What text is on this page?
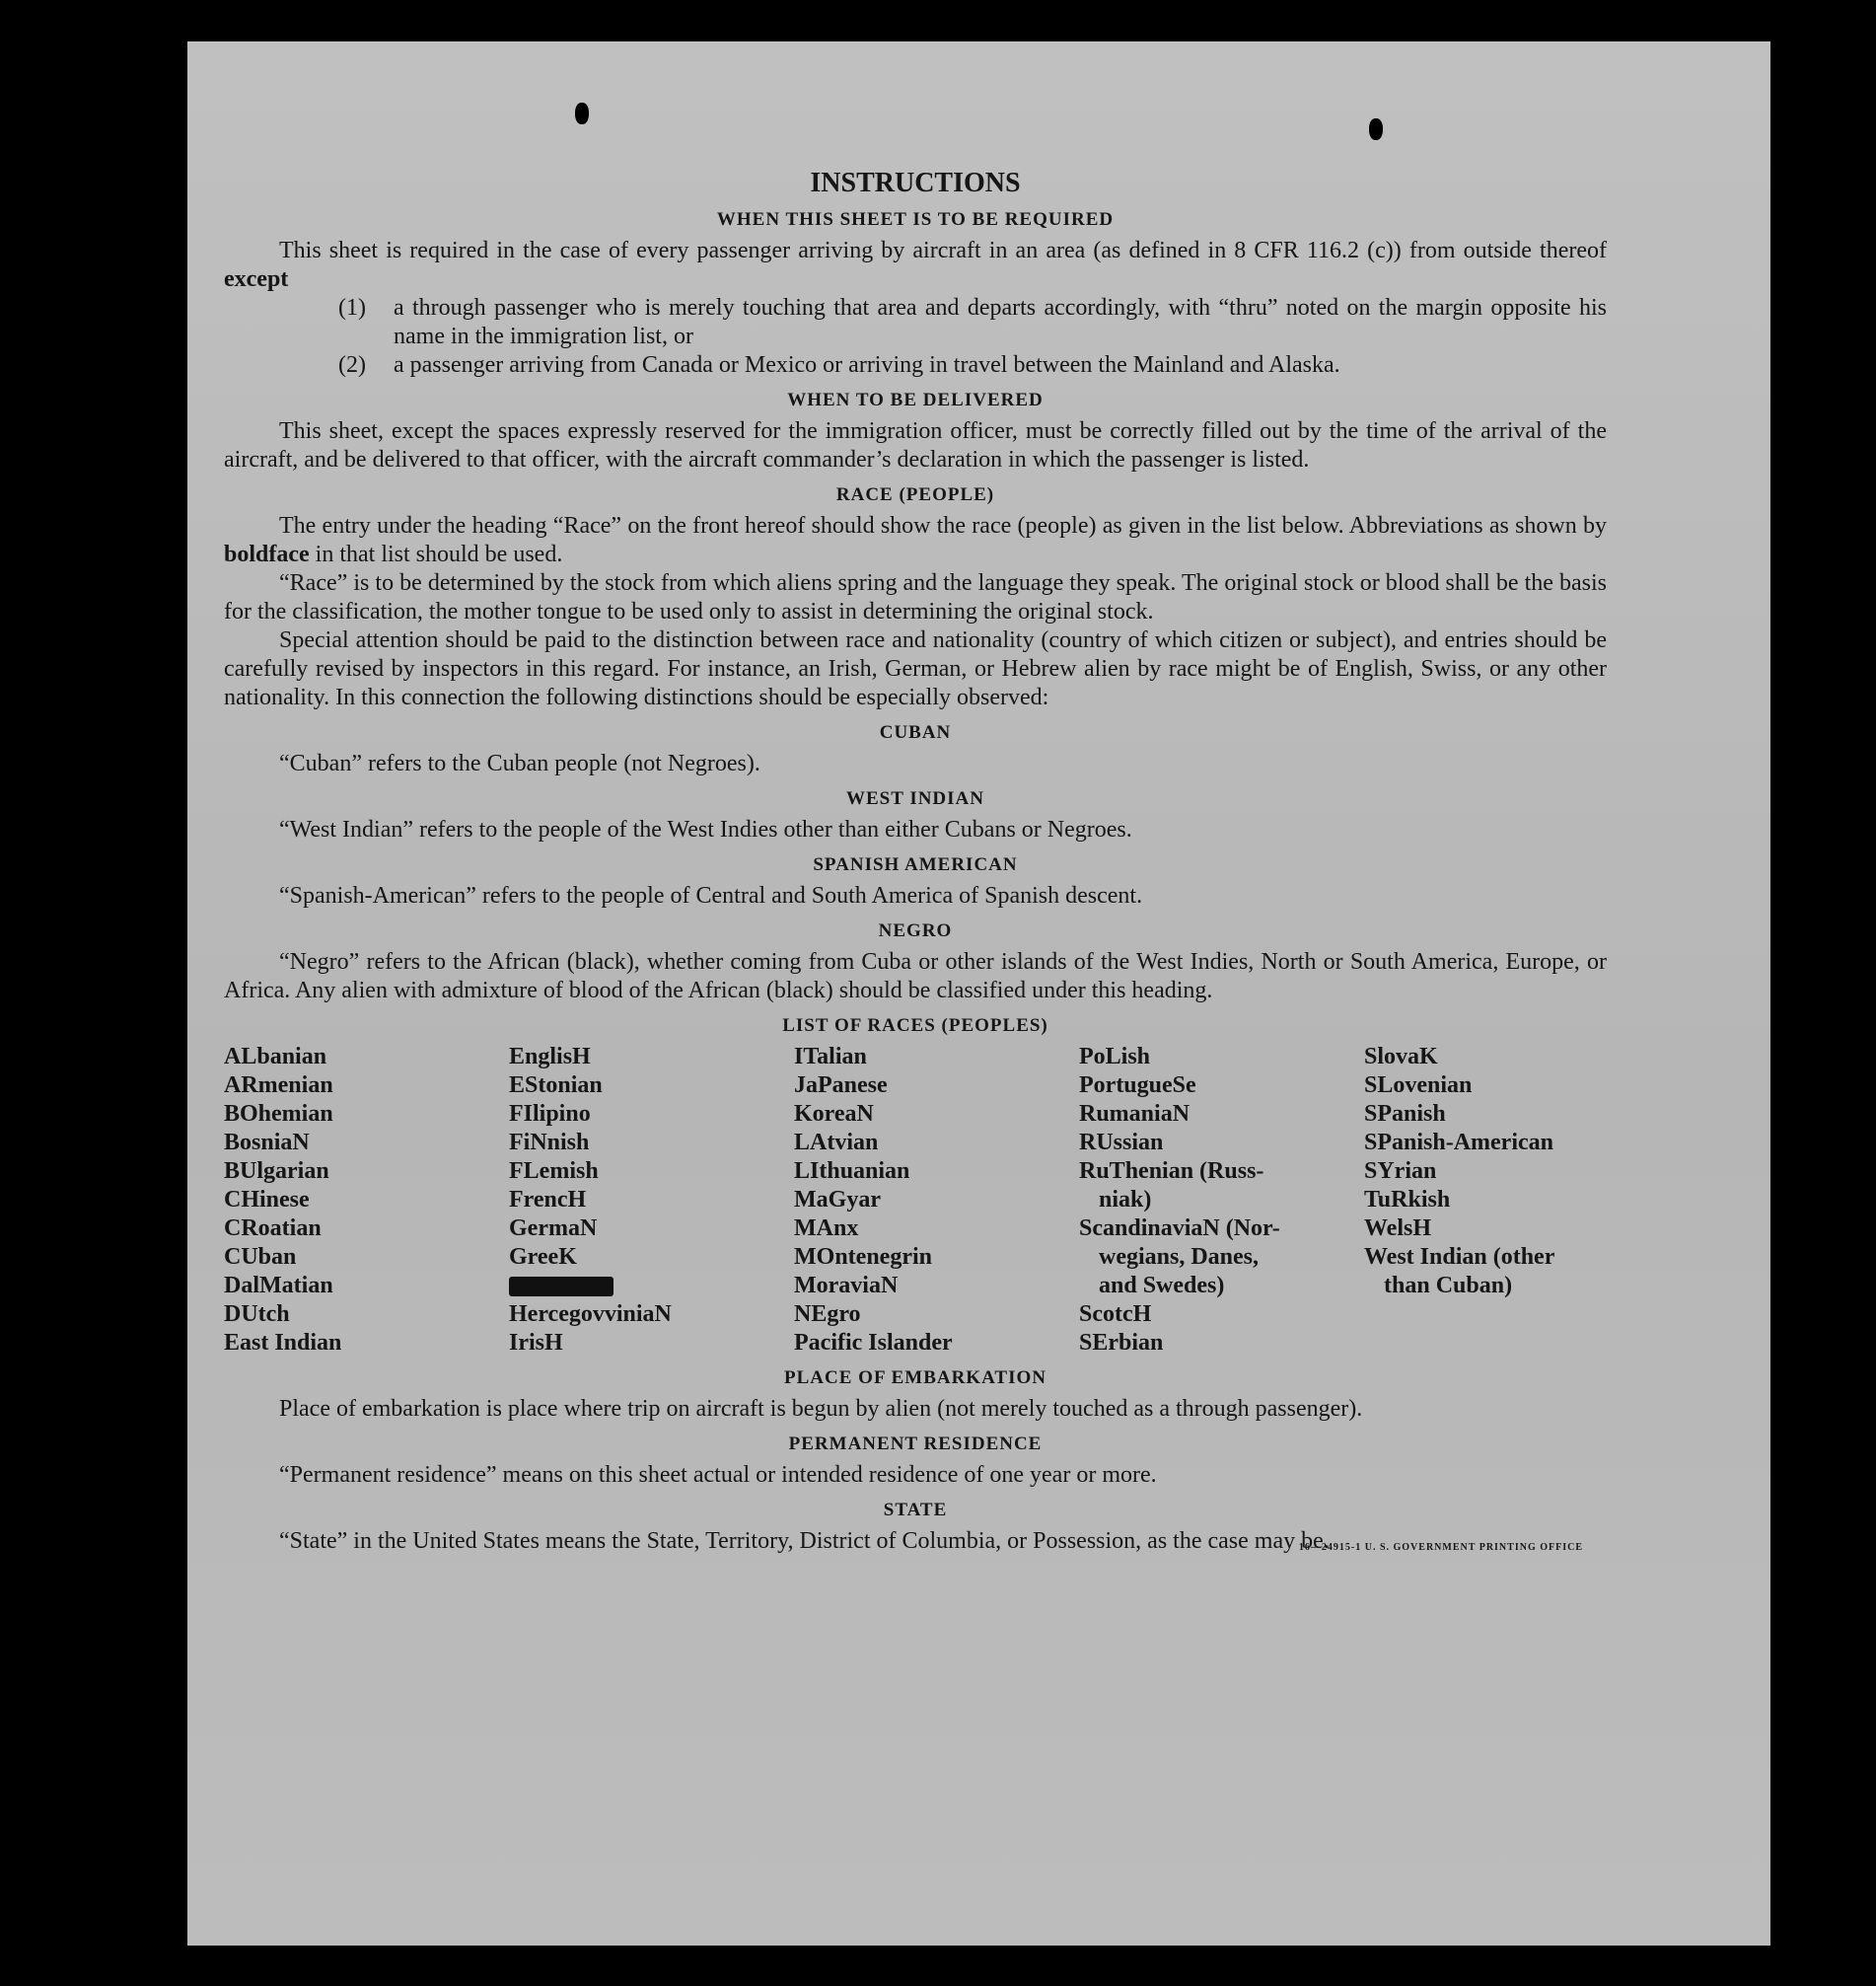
INSTRUCTIONS
WHEN THIS SHEET IS TO BE REQUIRED

This sheet is required in the case of every passenger arriving by aircraft in an area (as defined in 8 CFR 116.2 (c)) from outside thereof except

(1)	a through passenger who is merely touching that area and departs accordingly, with “thru” noted on the margin opposite his name in the immigration list, or
(2)	a passenger arriving from Canada or Mexico or arriving in travel between the Mainland and Alaska.
WHEN TO BE DELIVERED

This sheet, except the spaces expressly reserved for the immigration officer, must be correctly filled out by the time of the arrival of the aircraft, and be delivered to that officer, with the aircraft commander’s declaration in which the passenger is listed.

RACE (PEOPLE)

The entry under the heading “Race” on the front hereof should show the race (people) as given in the list below. Abbreviations as shown by boldface in that list should be used.

“Race” is to be determined by the stock from which aliens spring and the language they speak. The original stock or blood shall be the basis for the classification, the mother tongue to be used only to assist in determining the original stock.

Special attention should be paid to the distinction between race and nationality (country of which citizen or subject), and entries should be carefully revised by inspectors in this regard. For instance, an Irish, German, or Hebrew alien by race might be of English, Swiss, or any other nationality. In this connection the following distinctions should be especially observed:

CUBAN

“Cuban” refers to the Cuban people (not Negroes).

WEST INDIAN

“West Indian” refers to the people of the West Indies other than either Cubans or Negroes.

SPANISH AMERICAN

“Spanish-American” refers to the people of Central and South America of Spanish descent.

NEGRO

“Negro” refers to the African (black), whether coming from Cuba or other islands of the West Indies, North or South America, Europe, or Africa. Any alien with admixture of blood of the African (black) should be classified under this heading.

LIST OF RACES (PEOPLES)
ALbanian
ARmenian
BOhemian
BosniaN
BUlgarian
CHinese
CRoatian
CUban
DalMatian
DUtch
East Indian
EnglisH
EStonian
FIlipino
FiNnish
FLemish
FrencH
GermaN
GreeK
HercegovviniaN
IrisH
ITalian
JaPanese
KoreaN
LAtvian
LIthuanian
MaGyar
MAnx
MOntenegrin
MoraviaN
NEgro
Pacific Islander
PoLish
PortugueSe
RumaniaN
RUssian
RuThenian (Russ-
niak)
ScandinaviaN (Nor-
wegians, Danes,
and Swedes)
ScotcH
SErbian
SlovaK
SLovenian
SPanish
SPanish-American
SYrian
TuRkish
WelsH
West Indian (other
than Cuban)
PLACE OF EMBARKATION

Place of embarkation is place where trip on aircraft is begun by alien (not merely touched as a through passenger).

PERMANENT RESIDENCE

“Permanent residence” means on this sheet actual or intended residence of one year or more.

STATE

“State” in the United States means the State, Territory, District of Columbia, or Possession, as the case may be.

16—24915-1 U. S. GOVERNMENT PRINTING OFFICE
